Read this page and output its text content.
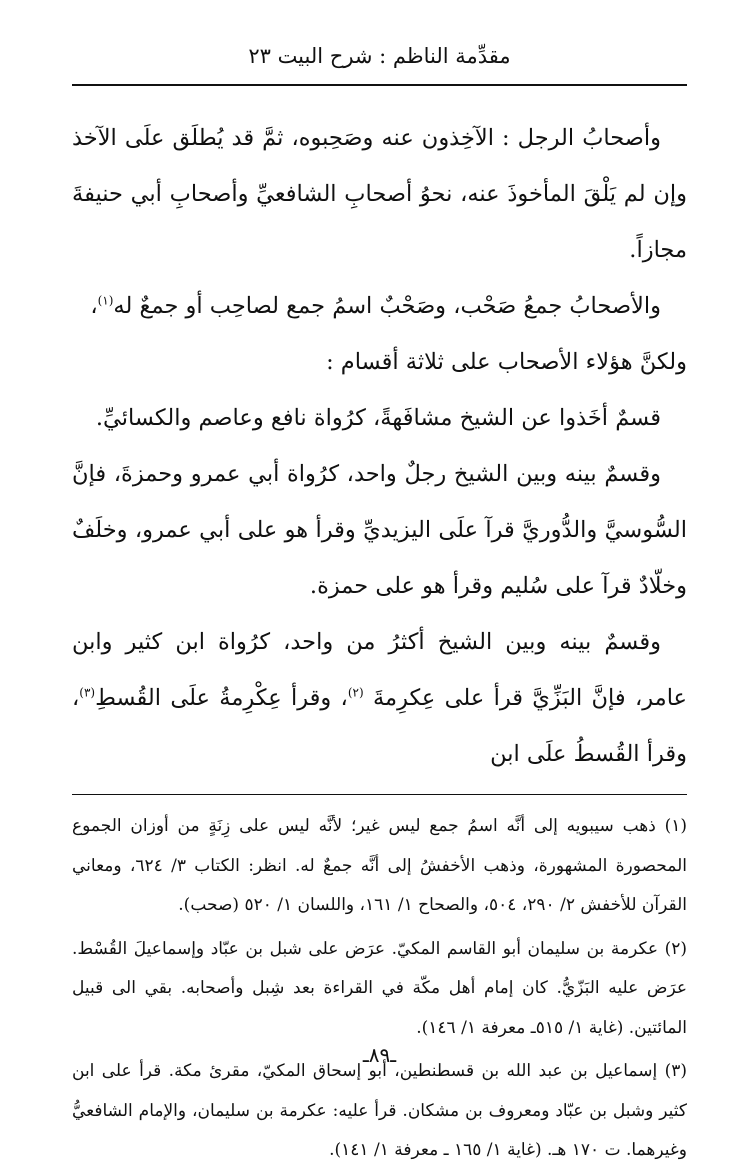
مقدِّمة الناظم : شرح البيت ٢٣

وأصحابُ الرجل : الآخِذون عنه وصَحِبوه، ثمَّ قد يُطلَق علَى الآخذ وإن لم يَلْقَ المأخوذَ عنه، نحوُ أصحابِ الشافعيِّ وأصحابِ أبي حنيفةَ مجازاً.

والأصحابُ جمعُ صَحْب، وصَحْبٌ اسمُ جمع لصاحِب أو جمعٌ له$^{(١)}$،

ولكنَّ هؤلاء الأصحاب على ثلاثة أقسام :

قسمٌ أخَذوا عن الشيخ مشافَهةً، كرُواة نافع وعاصم والكسائيِّ.

وقسمٌ بينه وبين الشيخ رجلٌ واحد، كرُواة أبي عمرو وحمزةَ، فإنَّ السُّوسيَّ والدُّوريَّ قرآ علَى اليزيديِّ وقرأ هو على أبي عمرو، وخلَفٌ وخلّادٌ قرآ على سُليم وقرأ هو على حمزة.

وقسمٌ بينه وبين الشيخ أكثرُ من واحد، كرُواة ابن كثير وابن عامر، فإنَّ البَزِّيَّ قرأ على عِكرِمةَ $^{(٢)}$، وقرأ عِكْرِمةُ علَى القُسطِ$^{(٣)}$، وقرأ القُسطُ علَى ابن

(١) ذهب سيبويه إلى أنَّه اسمُ جمع ليس غير؛ لأنَّه ليس على زِنَةٍ من أوزان الجموع المحصورة المشهورة، وذهب الأخفشُ إلى أنَّه جمعٌ له. انظر: الكتاب ٣/ ٦٢٤، ومعاني القرآن للأخفش ٢/ ٢٩٠، ٥٠٤، والصحاح ١/ ١٦١، واللسان ١/ ٥٢٠ (صحب).

(٢) عكرمة بن سليمان أبو القاسم المكيّ. عرَض على شبل بن عبّاد وإسماعيلَ القُسْط. عرَض عليه البَزّيُّ. كان إمام أهل مكّة في القراءة بعد شِبل وأصحابه. بقي الى قبيل المائتين. (غاية ١/ ٥١٥ـ معرفة ١/ ١٤٦).

(٣) إسماعيل بن عبد الله بن قسطنطين، أبو إسحاق المكيّ، مقرئ مكة. قرأ على ابن كثير وشبل بن عبّاد ومعروف بن مشكان. قرأ عليه: عكرمة بن سليمان، والإمام الشافعيُّ وغيرهما. ت ١٧٠ هـ. (غاية ١/ ١٦٥ ـ معرفة ١/ ١٤١).

ـ٨٩ـ
